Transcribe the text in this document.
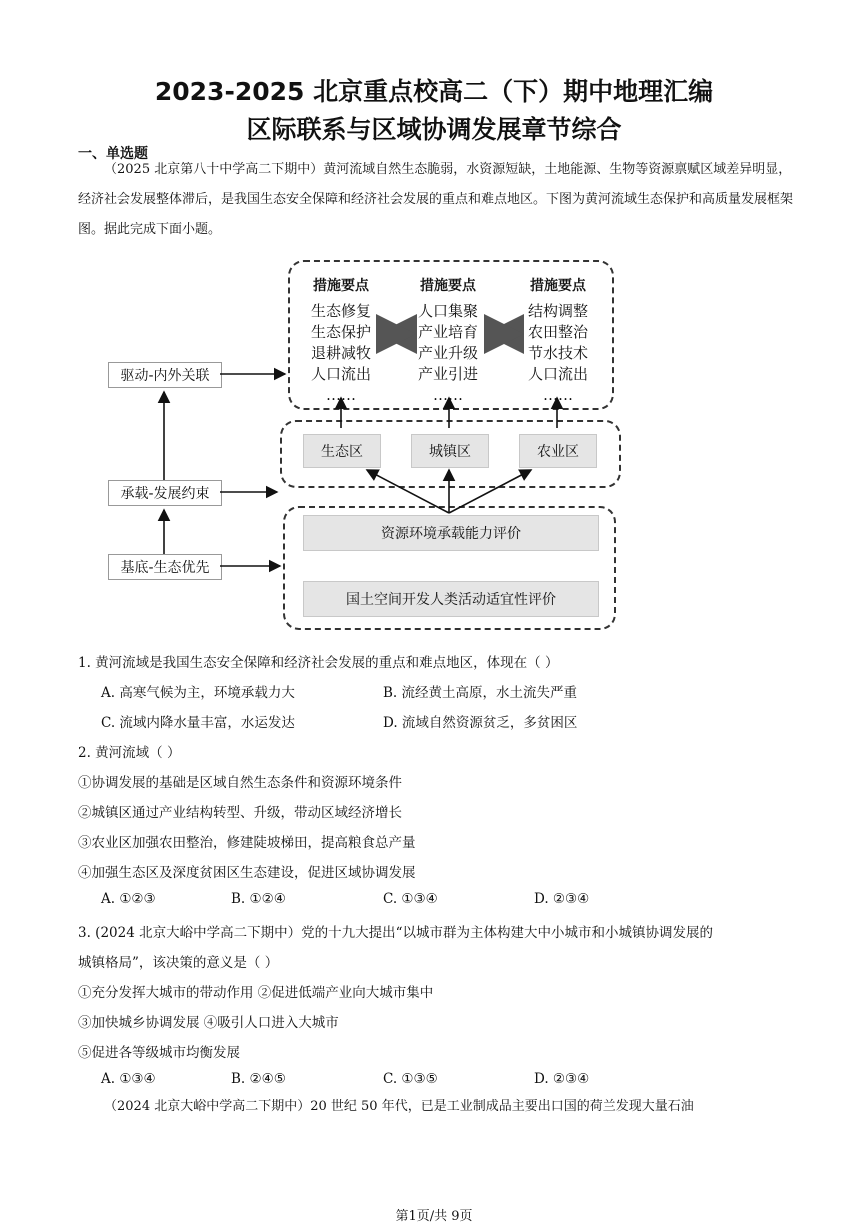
2023-2025 北京重点校高二（下）期中地理汇编
区际联系与区域协调发展章节综合
一、单选题
（2025 北京第八十中学高二下期中）黄河流域自然生态脆弱，水资源短缺，土地能源、生物等资源禀赋区域差异明显，经济社会发展整体滞后，是我国生态安全保障和经济社会发展的重点和难点地区。下图为黄河流域生态保护和高质量发展框架图。据此完成下面小题。
措施要点
生态修复
生态保护
退耕减牧
人口流出
……
措施要点
人口集聚
产业培育
产业升级
产业引进
……
措施要点
结构调整
农田整治
节水技术
人口流出
……
生态区	城镇区	农业区
资源环境承载能力评价
国土空间开发人类活动适宜性评价
驱动-内外关联
承载-发展约束
基底-生态优先
1. 黄河流域是我国生态安全保障和经济社会发展的重点和难点地区，体现在（ ）
A. 高寒气候为主，环境承载力大	B. 流经黄土高原，水土流失严重
C. 流域内降水量丰富，水运发达	D. 流域自然资源贫乏，多贫困区
2. 黄河流域（ ）
①协调发展的基础是区域自然生态条件和资源环境条件
②城镇区通过产业结构转型、升级，带动区域经济增长
③农业区加强农田整治，修建陡坡梯田，提高粮食总产量
④加强生态区及深度贫困区生态建设，促进区域协调发展
A. ①②③	B. ①②④	C. ①③④	D. ②③④
3. (2024 北京大峪中学高二下期中）党的十九大提出“以城市群为主体构建大中小城市和小城镇协调发展的
城镇格局”，该决策的意义是（ ）
①充分发挥大城市的带动作用 ②促进低端产业向大城市集中
③加快城乡协调发展 ④吸引人口进入大城市
⑤促进各等级城市均衡发展
A. ①③④	B. ②④⑤	C. ①③⑤	D. ②③④
（2024 北京大峪中学高二下期中）20 世纪 50 年代，已是工业制成品主要出口国的荷兰发现大量石油
第1页/共 9页
